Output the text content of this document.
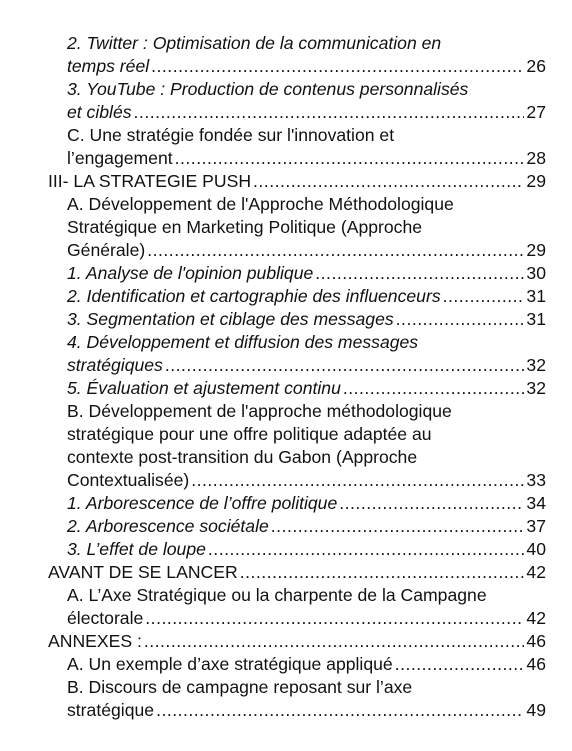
2. Twitter : Optimisation de la communication en
temps réel .....	26
3. YouTube : Production de contenus personnalisés
et ciblés .....	27
C. Une stratégie fondée sur l'innovation et
l’engagement .....	28
III- LA STRATEGIE PUSH .....	29
A. Développement de l'Approche Méthodologique
Stratégique en Marketing Politique (Approche
Générale) .....	29
1. Analyse de l'opinion publique .....	30
2. Identification et cartographie des influenceurs .....	31
3. Segmentation et ciblage des messages .....	31
4. Développement et diffusion des messages
stratégiques .....	32
5. Évaluation et ajustement continu .....	32
B. Développement de l'approche méthodologique
stratégique pour une offre politique adaptée au
contexte post-transition du Gabon (Approche
Contextualisée) .....	33
1. Arborescence de l’offre politique .....	34
2. Arborescence sociétale .....	37
3. L’effet de loupe .....	40
AVANT DE SE LANCER .....	42
A. L’Axe Stratégique ou la charpente de la Campagne
électorale .....	42
ANNEXES : .....	46
A. Un exemple d’axe stratégique appliqué .....	46
B. Discours de campagne reposant sur l’axe
stratégique .....	49
